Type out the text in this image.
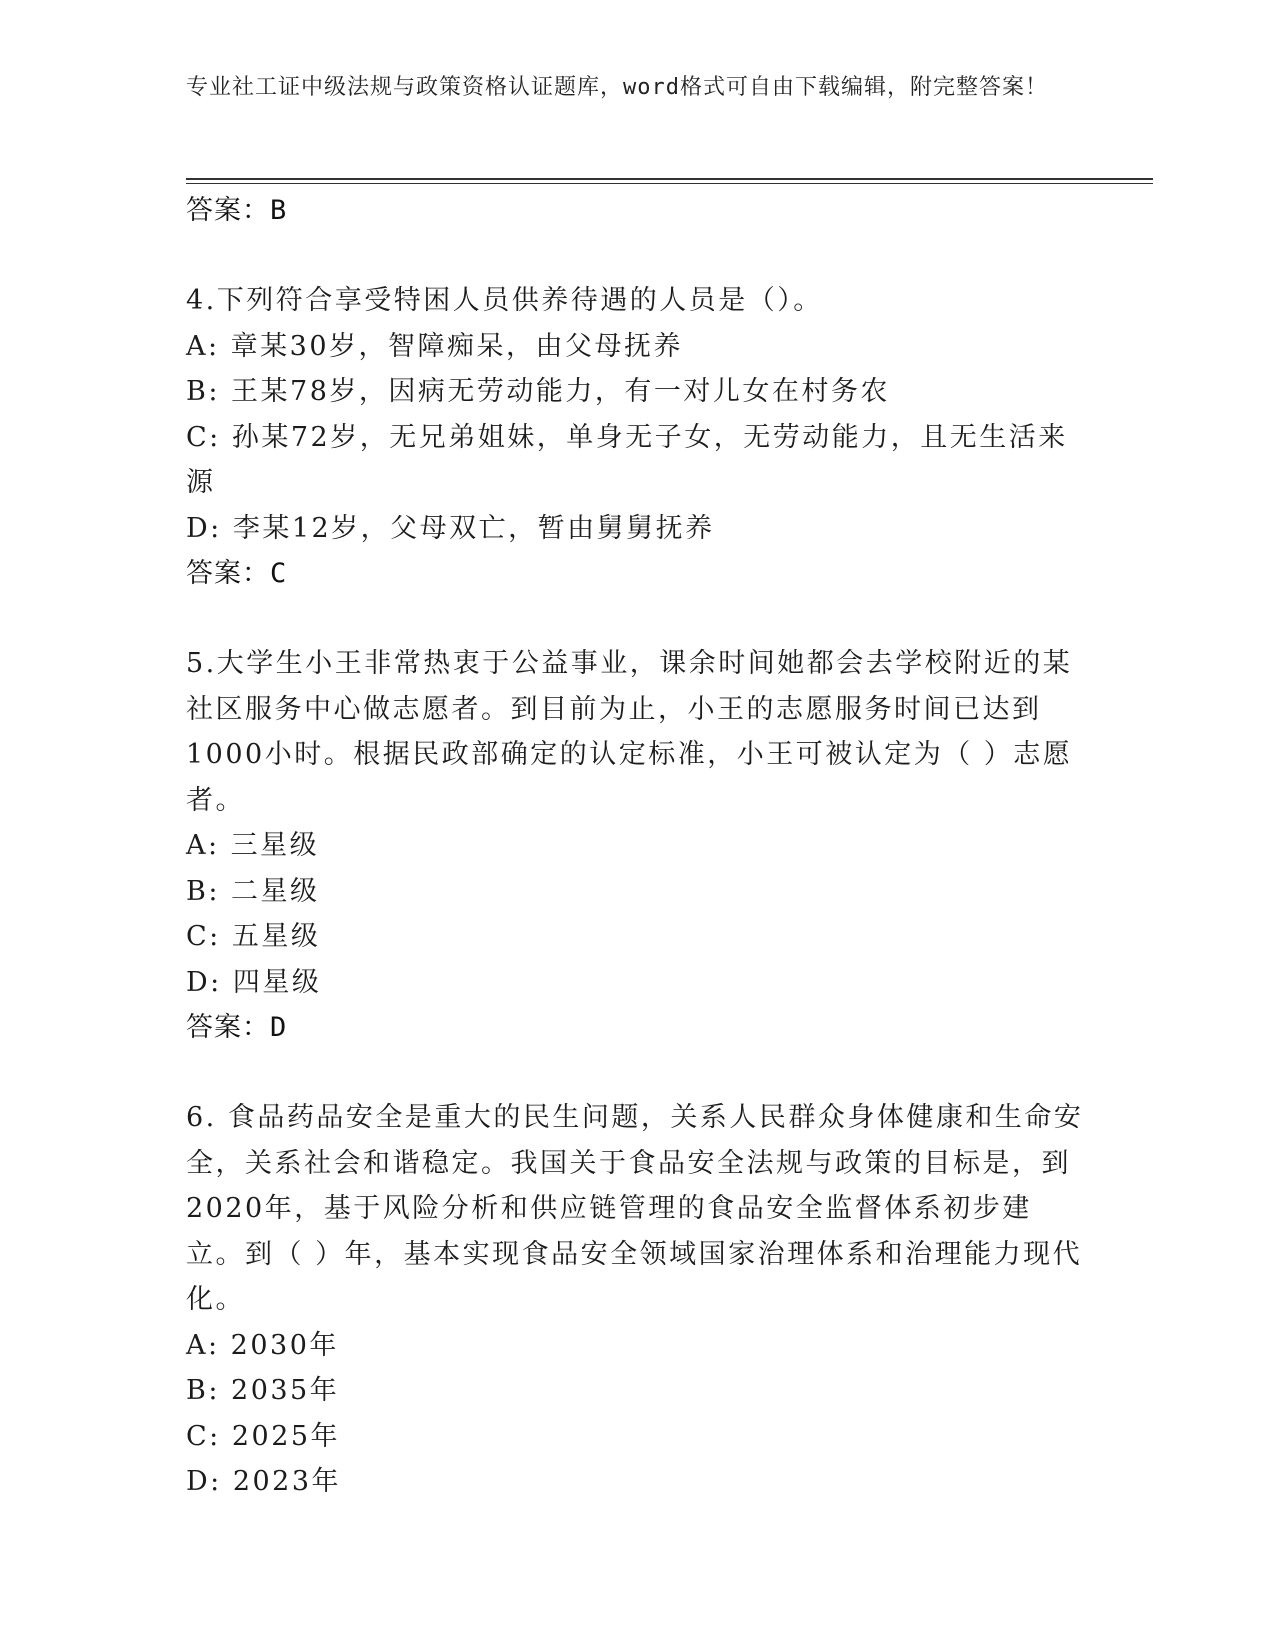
专业社工证中级法规与政策资格认证题库，word格式可自由下载编辑，附完整答案！
答案：B

4.下列符合享受特困人员供养待遇的人员是（）。

A: 章某30岁，智障痴呆，由父母抚养

B: 王某78岁，因病无劳动能力，有一对儿女在村务农

C: 孙某72岁，无兄弟姐妹，单身无子女，无劳动能力，且无生活来源

D: 李某12岁，父母双亡，暂由舅舅抚养

答案：C

5.大学生小王非常热衷于公益事业，课余时间她都会去学校附近的某社区服务中心做志愿者。到目前为止，小王的志愿服务时间已达到1000小时。根据民政部确定的认定标准，小王可被认定为（ ）志愿者。

A: 三星级

B: 二星级

C: 五星级

D: 四星级

答案：D

6. 食品药品安全是重大的民生问题，关系人民群众身体健康和生命安全，关系社会和谐稳定。我国关于食品安全法规与政策的目标是，到2020年，基于风险分析和供应链管理的食品安全监督体系初步建立。到（ ）年，基本实现食品安全领域国家治理体系和治理能力现代化。

A: 2030年

B: 2035年

C: 2025年

D: 2023年
